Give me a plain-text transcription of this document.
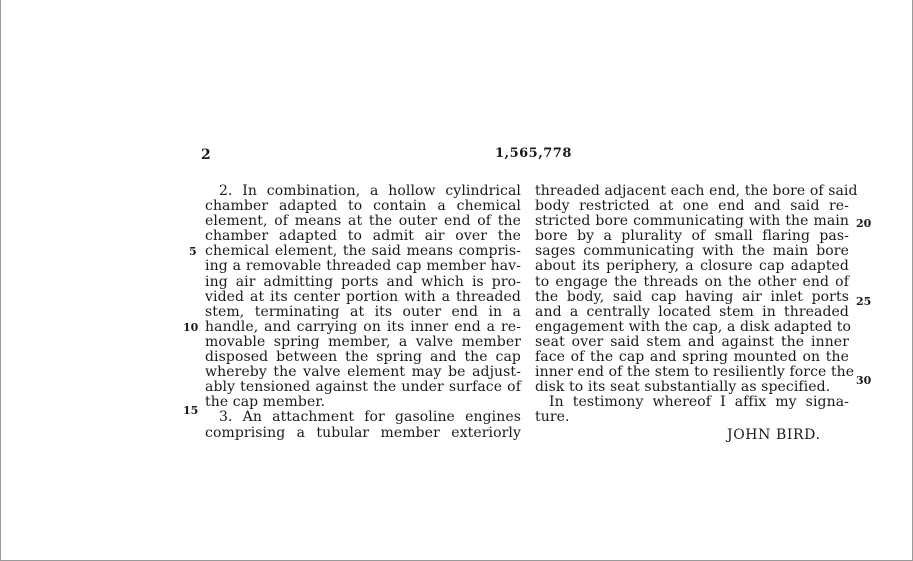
2	1,565,778
2. In combination, a hollow cylindrical
chamber adapted to contain a chemical
element, of means at the outer end of the
chamber adapted to admit air over the
chemical element, the said means compris-
ing a removable threaded cap member hav-
ing air admitting ports and which is pro-
vided at its center portion with a threaded
stem, terminating at its outer end in a
handle, and carrying on its inner end a re-
movable spring member, a valve member
disposed between the spring and the cap
whereby the valve element may be adjust-
ably tensioned against the under surface of
the cap member.
3. An attachment for gasoline engines
comprising a tubular member exteriorly
threaded adjacent each end, the bore of said
body restricted at one end and said re-
stricted bore communicating with the main
bore by a plurality of small flaring pas-
sages communicating with the main bore
about its periphery, a closure cap adapted
to engage the threads on the other end of
the body, said cap having air inlet ports
and a centrally located stem in threaded
engagement with the cap, a disk adapted to
seat over said stem and against the inner
face of the cap and spring mounted on the
inner end of the stem to resiliently force the
disk to its seat substantially as specified.
In testimony whereof I affix my signa-
ture.
JOHN BIRD.
5
10
15
20
25
30
